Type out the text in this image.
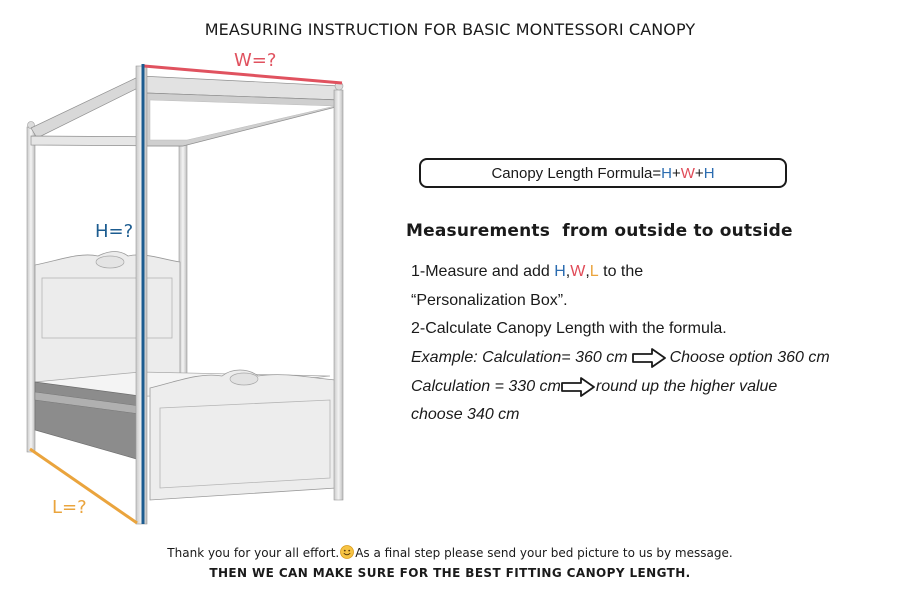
MEASURING INSTRUCTION FOR BASIC MONTESSORI CANOPY
W=?
H=?
L=?
Canopy Length Formula= H + W + H
Measurements  from outside to outside
1-Measure and add H , W , L to the
“Personalization Box”.
2-Calculate Canopy Length with the formula.
Example: Calculation= 360 cm	Choose option 360 cm
Calculation = 330 cm round up the higher value
choose 340 cm
Thank you for your all effort. As a final step please send your bed picture to us by message.
THEN WE CAN MAKE SURE FOR THE BEST FITTING CANOPY LENGTH.
